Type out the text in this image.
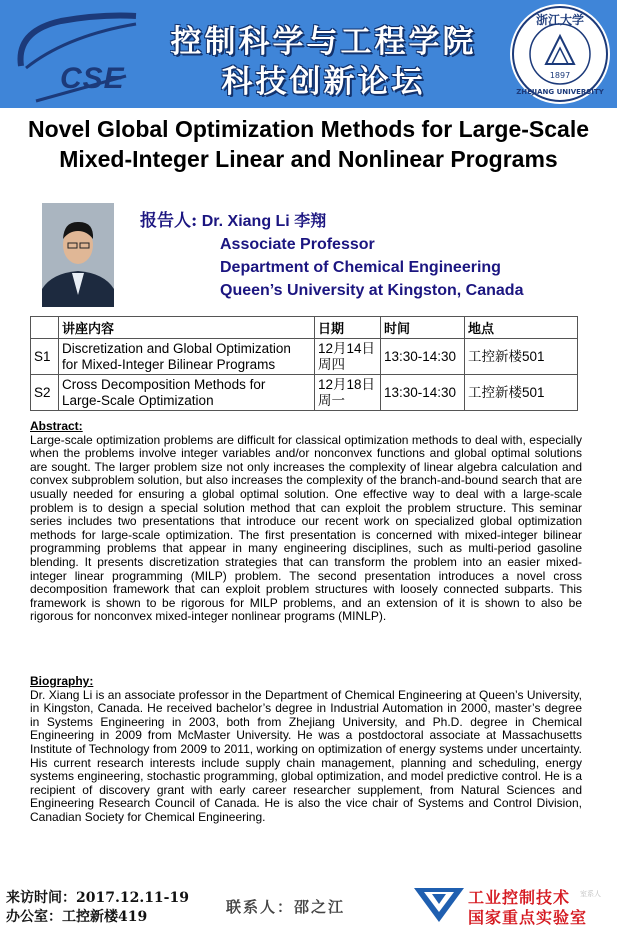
CSE
控制科学与工程学院
科技创新论坛
浙江大学
1897
ZHEJIANG UNIVERSITY
Novel Global Optimization Methods for Large-Scale Mixed-Integer Linear and Nonlinear Programs
报告人: Dr. Xiang Li 李翔
Associate Professor
Department of Chemical Engineering
Queen’s University at Kingston, Canada
	讲座内容	日期	时间	地点
S1	Discretization and Global Optimization
for Mixed-Integer Bilinear Programs	12月14日
周四	13:30-14:30	工控新楼501
S2	Cross Decomposition Methods for
Large-Scale Optimization	12月18日
周一	13:30-14:30	工控新楼501
Abstract:
Large-scale optimization problems are difficult for classical optimization methods to deal with, especially when the problems involve integer variables and/or nonconvex functions and global optimal solutions are sought. The larger problem size not only increases the complexity of linear algebra calculation and convex subproblem solution, but also increases the complexity of the branch-and-bound search that are usually needed for ensuring a global optimal solution. One effective way to deal with a large-scale problem is to design a special solution method that can exploit the problem structure. This seminar series includes two presentations that introduce our recent work on specialized global optimization methods for large-scale optimization. The first presentation is concerned with mixed-integer bilinear programming problems that appear in many engineering disciplines, such as multi-period gasoline blending. It presents discretization strategies that can transform the problem into an easier mixed-integer linear programming (MILP) problem. The second presentation introduces a novel cross decomposition framework that can exploit problem structures with loosely connected subparts. This framework is shown to be rigorous for MILP problems, and an extension of it is shown to also be rigorous for nonconvex mixed-integer nonlinear programs (MINLP).
Biography:
Dr. Xiang Li is an associate professor in the Department of Chemical Engineering at Queen’s University, in Kingston, Canada. He received bachelor’s degree in Industrial Automation in 2000, master’s degree in Systems Engineering in 2003, both from Zhejiang University, and Ph.D. degree in Chemical Engineering in 2009 from McMaster University. He was a postdoctoral associate at Massachusetts Institute of Technology from 2009 to 2011, working on optimization of energy systems under uncertainty. His current research interests include supply chain management, planning and scheduling, energy systems engineering, stochastic programming, global optimization, and model predictive control. He is a recipient of discovery grant with early career researcher supplement, from Natural Sciences and Engineering Research Council of Canada. He is also the vice chair of Systems and Control Division, Canadian Society for Chemical Engineering.
来访时间：2017.12.11-19
办公室：工控新楼419
联系人：邵之江	工业控制技术
国家重点实验室
室系人
